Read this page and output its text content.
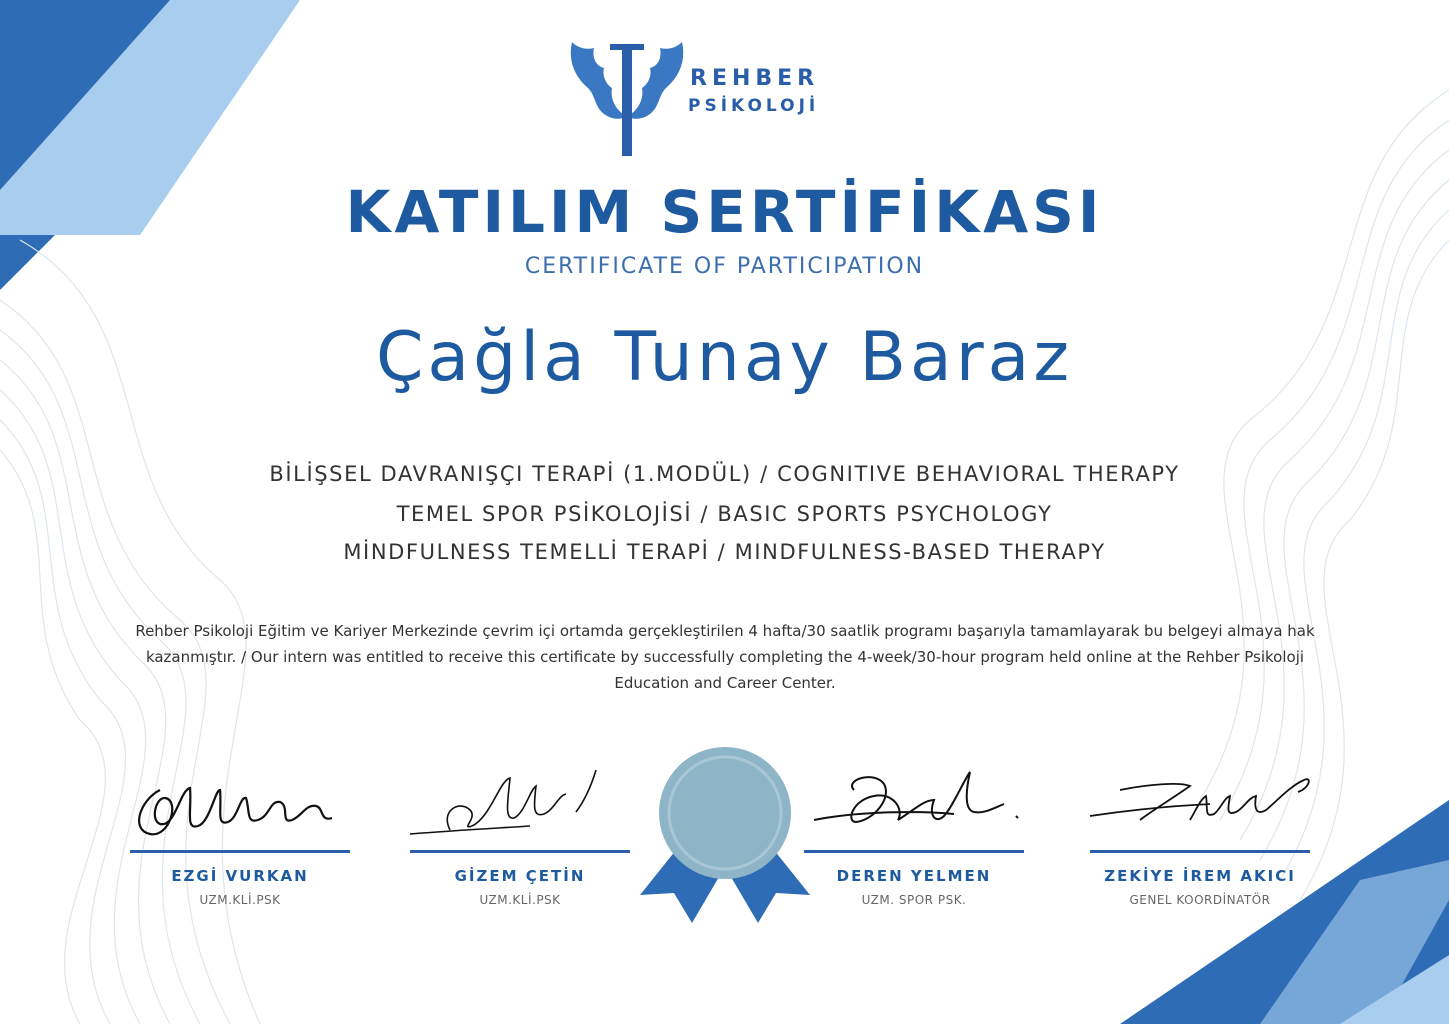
REHBER
PSİKOLOJİ
KATILIM SERTİFİKASI
CERTIFICATE OF PARTICIPATION
Çağla Tunay Baraz
BİLİŞSEL DAVRANIŞÇI TERAPİ (1.MODÜL) / COGNITIVE BEHAVIORAL THERAPY
TEMEL SPOR PSİKOLOJİSİ / BASIC SPORTS PSYCHOLOGY
MİNDFULNESS TEMELLİ TERAPİ / MINDFULNESS-BASED THERAPY
Rehber Psikoloji Eğitim ve Kariyer Merkezinde çevrim içi ortamda gerçekleştirilen 4 hafta/30 saatlik programı başarıyla tamamlayarak bu belgeyi almaya hak kazanmıştır. / Our intern was entitled to receive this certificate by successfully completing the 4-week/30-hour program held online at the Rehber Psikoloji Education and Career Center.
EZGİ VURKAN
UZM.KLİ.PSK
GİZEM ÇETİN
UZM.KLİ.PSK
DEREN YELMEN
UZM. SPOR PSK.
ZEKİYE İREM AKICI
GENEL KOORDİNATÖR
